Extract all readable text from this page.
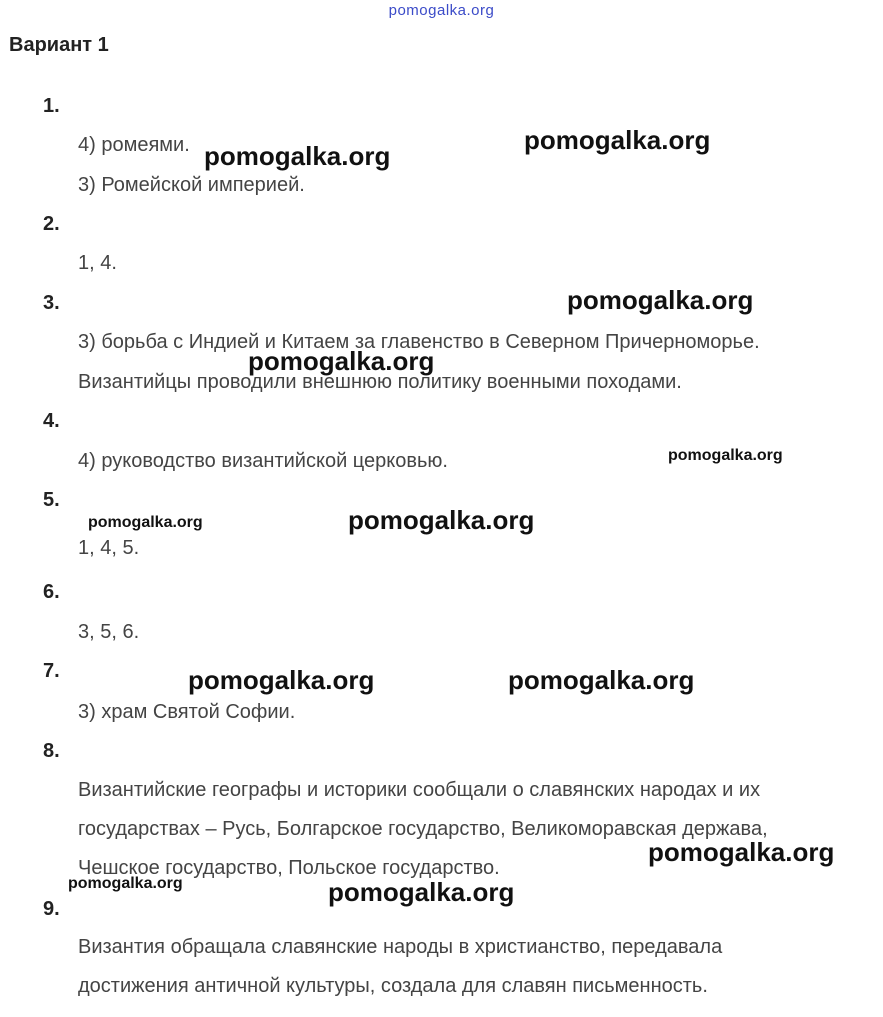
pomogalka.org
Вариант 1
1.
4) ромеями.
3) Ромейской империей.
2.
1, 4.
3.
3) борьба с Индией и Китаем за главенство в Северном Причерноморье.
Византийцы проводили внешнюю политику военными походами.
4.
4) руководство византийской церковью.
5.
1, 4, 5.
6.
3, 5, 6.
7.
3) храм Святой Софии.
8.
Византийские географы и историки сообщали о славянских народах и их
государствах – Русь, Болгарское государство, Великоморавская держава,
Чешское государство, Польское государство.
9.
Византия обращала славянские народы в христианство, передавала
достижения античной культуры, создала для славян письменность.
pomogalka.org
pomogalka.org
pomogalka.org
pomogalka.org
pomogalka.org
pomogalka.org	pomogalka.org
pomogalka.org	pomogalka.org
pomogalka.org
pomogalka.org	pomogalka.org
